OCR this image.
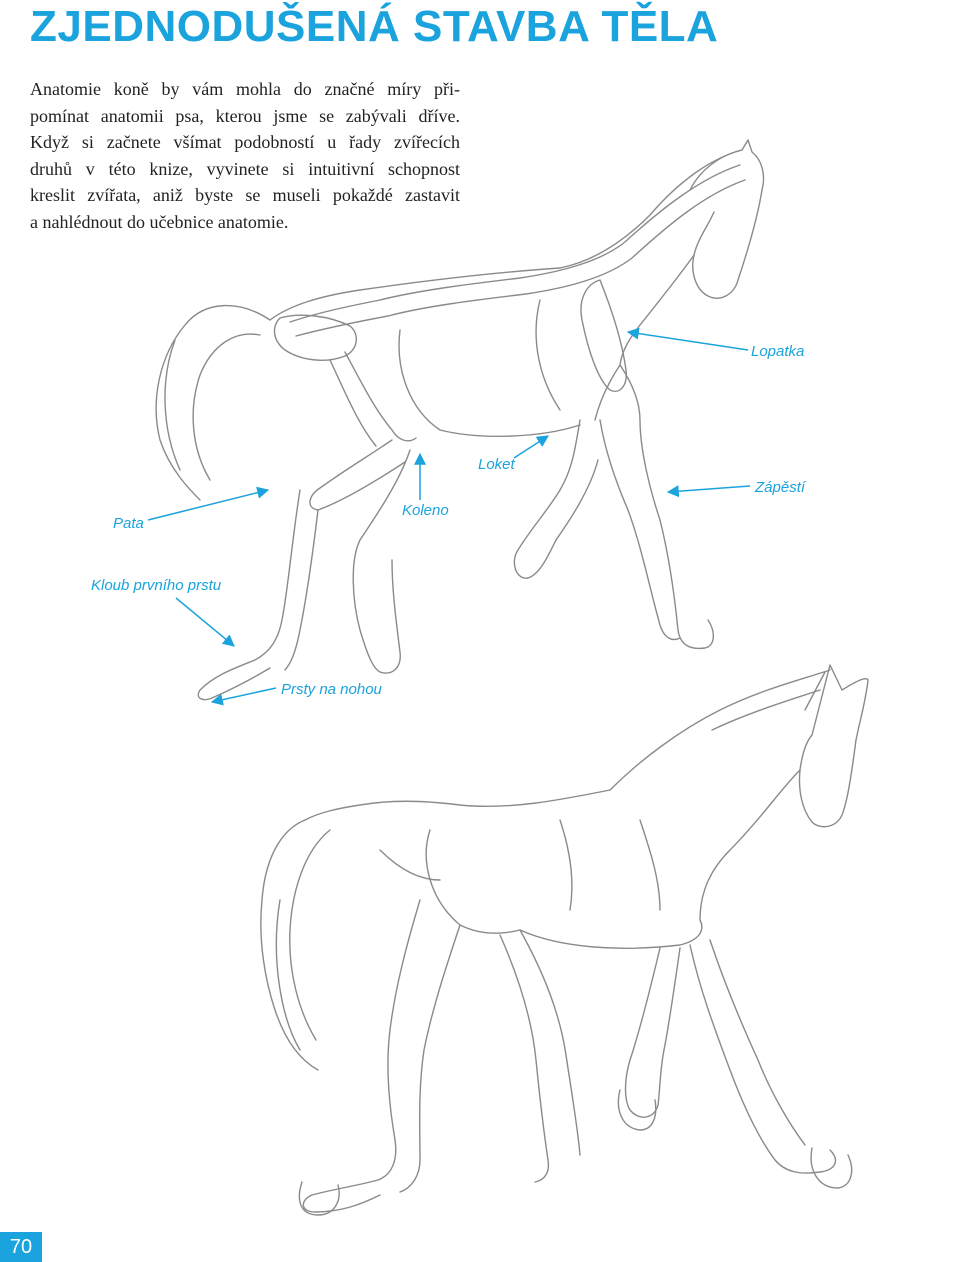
ZJEDNODUŠENÁ STAVBA TĚLA

Anatomie koně by vám mohla do značné míry při-
pomínat anatomii psa, kterou jsme se zabývali dříve.
Když si začnete všímat podobností u řady zvířecích
druhů v této knize, vyvinete si intuitivní schopnost
kreslit zvířata, aniž byste se museli pokaždé zastavit
a nahlédnout do učebnice anatomie.

Lopatka
Loket
Zápěstí
Pata
Koleno
Kloub prvního prstu
Prsty na nohou
70
